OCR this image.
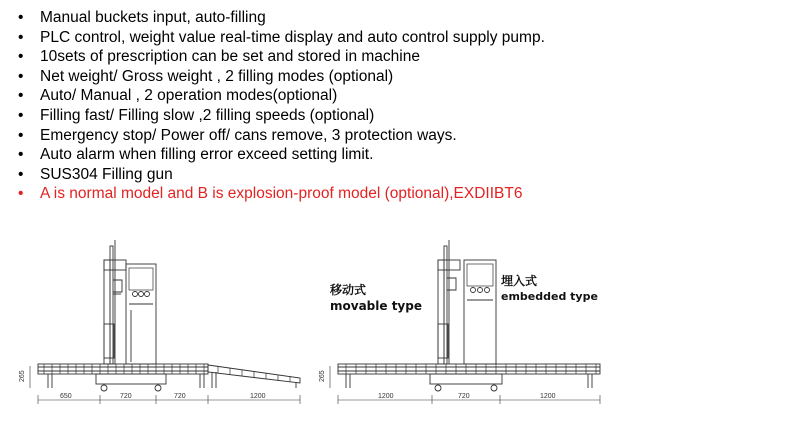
• Manual buckets input, auto-filling
• PLC control, weight value real-time display and auto control supply pump.
• 10sets of prescription can be set and stored in machine
• Net weight/ Gross weight , 2 filling modes (optional)
• Auto/ Manual , 2 operation modes(optional)
• Filling fast/ Filling slow ,2 filling speeds (optional)
• Emergency stop/ Power off/ cans remove, 3 protection ways.
• Auto alarm when filling error exceed setting limit.
• SUS304 Filling gun
• A is normal model and B is explosion-proof model (optional),EXDIIBT6
650	720	720	1200
265
1200	720	1200
265
移动式
movable type
埋入式
embedded type
